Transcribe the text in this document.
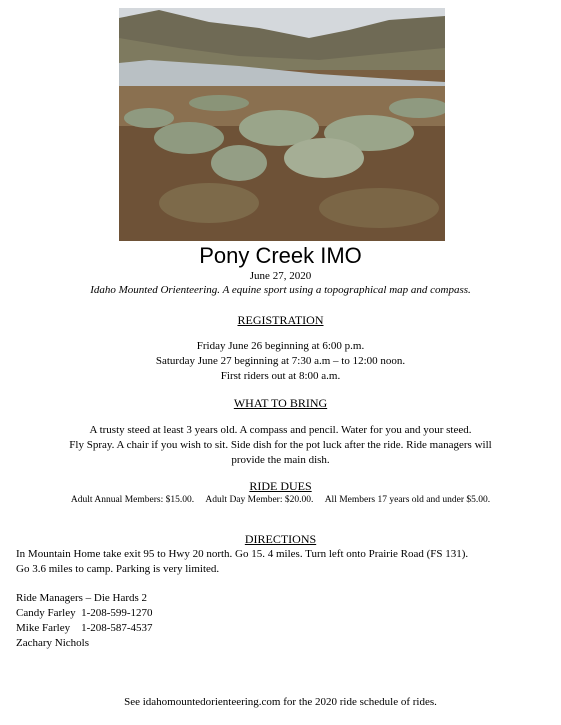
Pony Creek IMO
June 27, 2020
Idaho Mounted Orienteering. A equine sport using a topographical map and compass.
REGISTRATION
Friday June 26 beginning at 6:00 p.m.
Saturday June 27 beginning at 7:30 a.m – to 12:00 noon.
First riders out at 8:00 a.m.
WHAT TO BRING
A trusty steed at least 3 years old. A compass and pencil. Water for you and your steed.
Fly Spray. A chair if you wish to sit. Side dish for the pot luck after the ride. Ride managers will
provide the main dish.
RIDE DUES
Adult Annual Members: $15.00.     Adult Day Member: $20.00.     All Members 17 years old and under $5.00.
DIRECTIONS
In Mountain Home take exit 95 to Hwy 20 north. Go 15. 4 miles. Turn left onto Prairie Road (FS 131).
Go 3.6 miles to camp. Parking is very limited.
Ride Managers – Die Hards 2
Candy Farley  1-208-599-1270
Mike Farley    1-208-587-4537
Zachary Nichols
See idahomountedorienteering.com for the 2020 ride schedule of rides.
